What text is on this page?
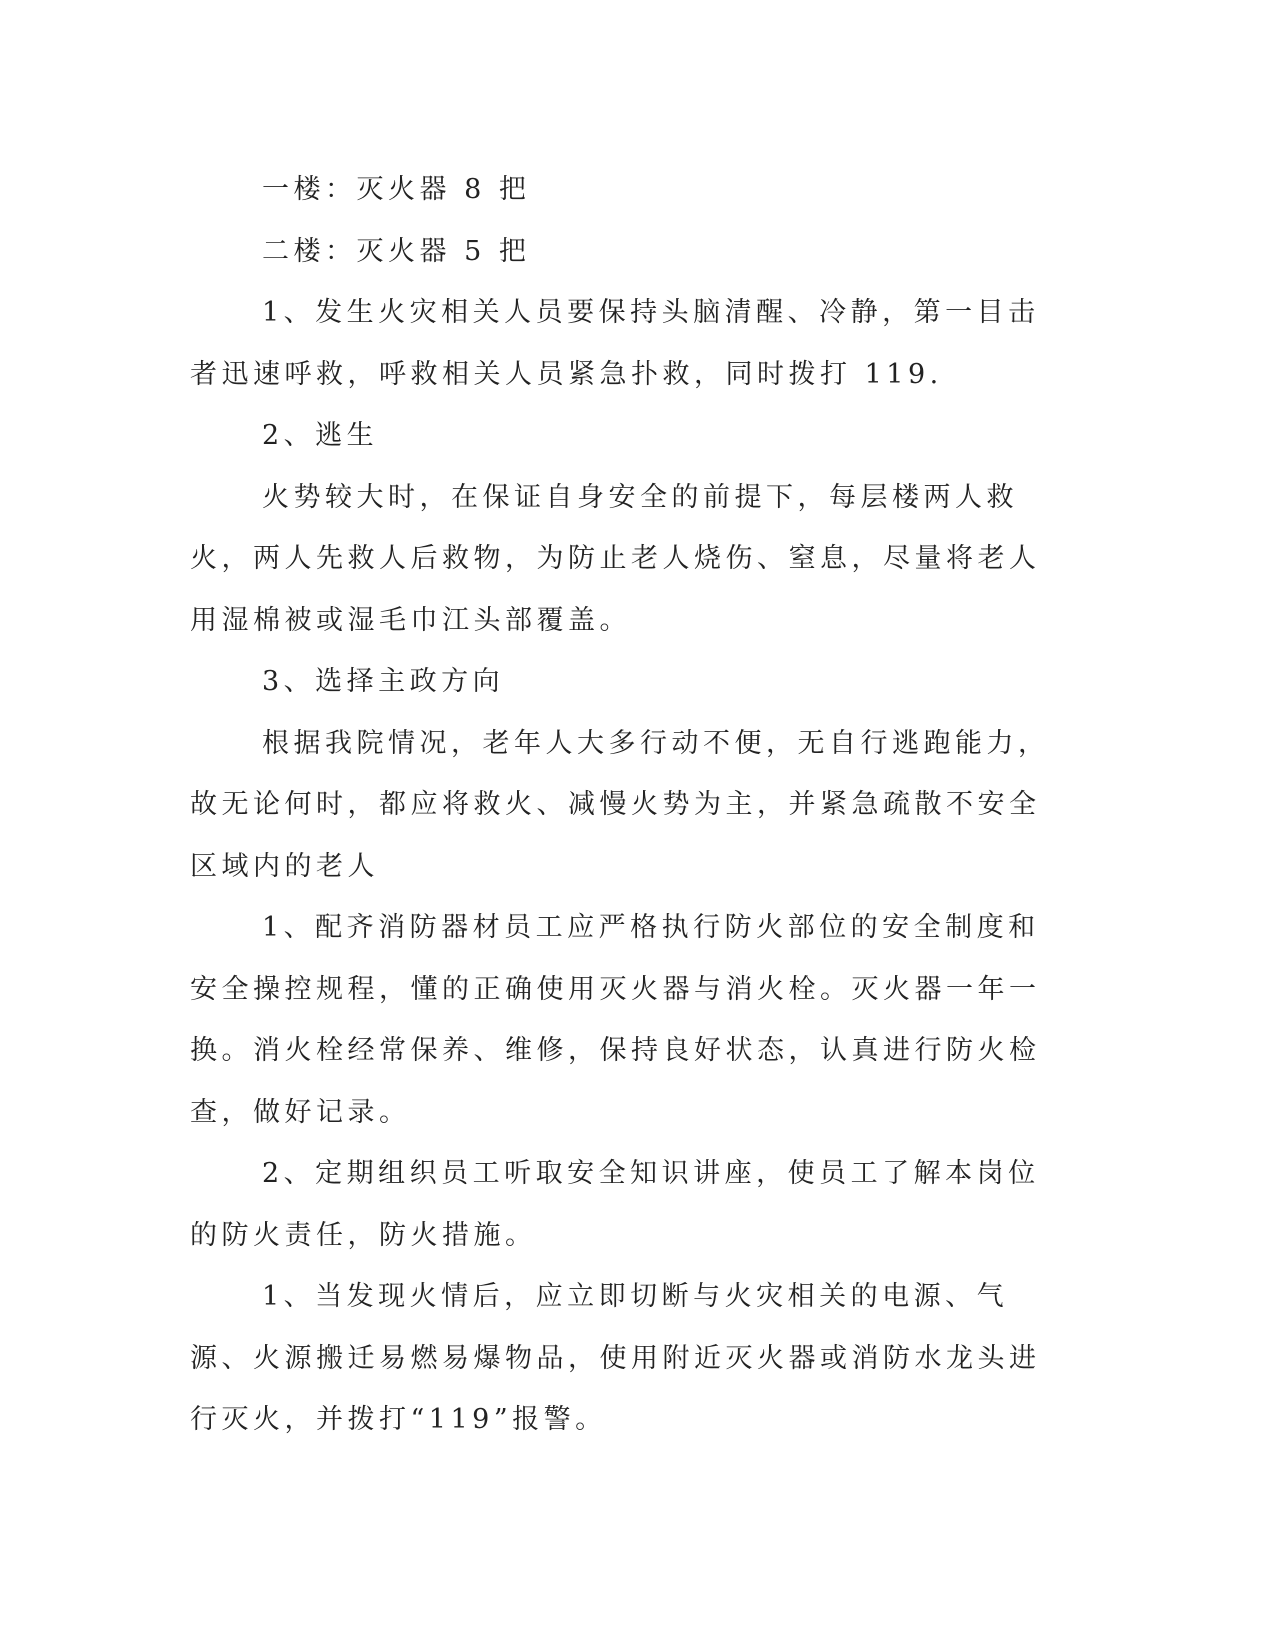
一楼：灭火器 8 把

二楼：灭火器 5 把

1、发生火灾相关人员要保持头脑清醒、冷静，第一目击者迅速呼救，呼救相关人员紧急扑救，同时拨打 119.

2、逃生

火势较大时，在保证自身安全的前提下，每层楼两人救火，两人先救人后救物，为防止老人烧伤、窒息，尽量将老人用湿棉被或湿毛巾江头部覆盖。

3、选择主政方向

根据我院情况，老年人大多行动不便，无自行逃跑能力，故无论何时，都应将救火、减慢火势为主，并紧急疏散不安全区域内的老人

1、配齐消防器材员工应严格执行防火部位的安全制度和安全操控规程，懂的正确使用灭火器与消火栓。灭火器一年一换。消火栓经常保养、维修，保持良好状态，认真进行防火检查，做好记录。

2、定期组织员工听取安全知识讲座，使员工了解本岗位的防火责任，防火措施。

1、当发现火情后，应立即切断与火灾相关的电源、气源、火源搬迁易燃易爆物品，使用附近灭火器或消防水龙头进行灭火，并拨打“119”报警。
